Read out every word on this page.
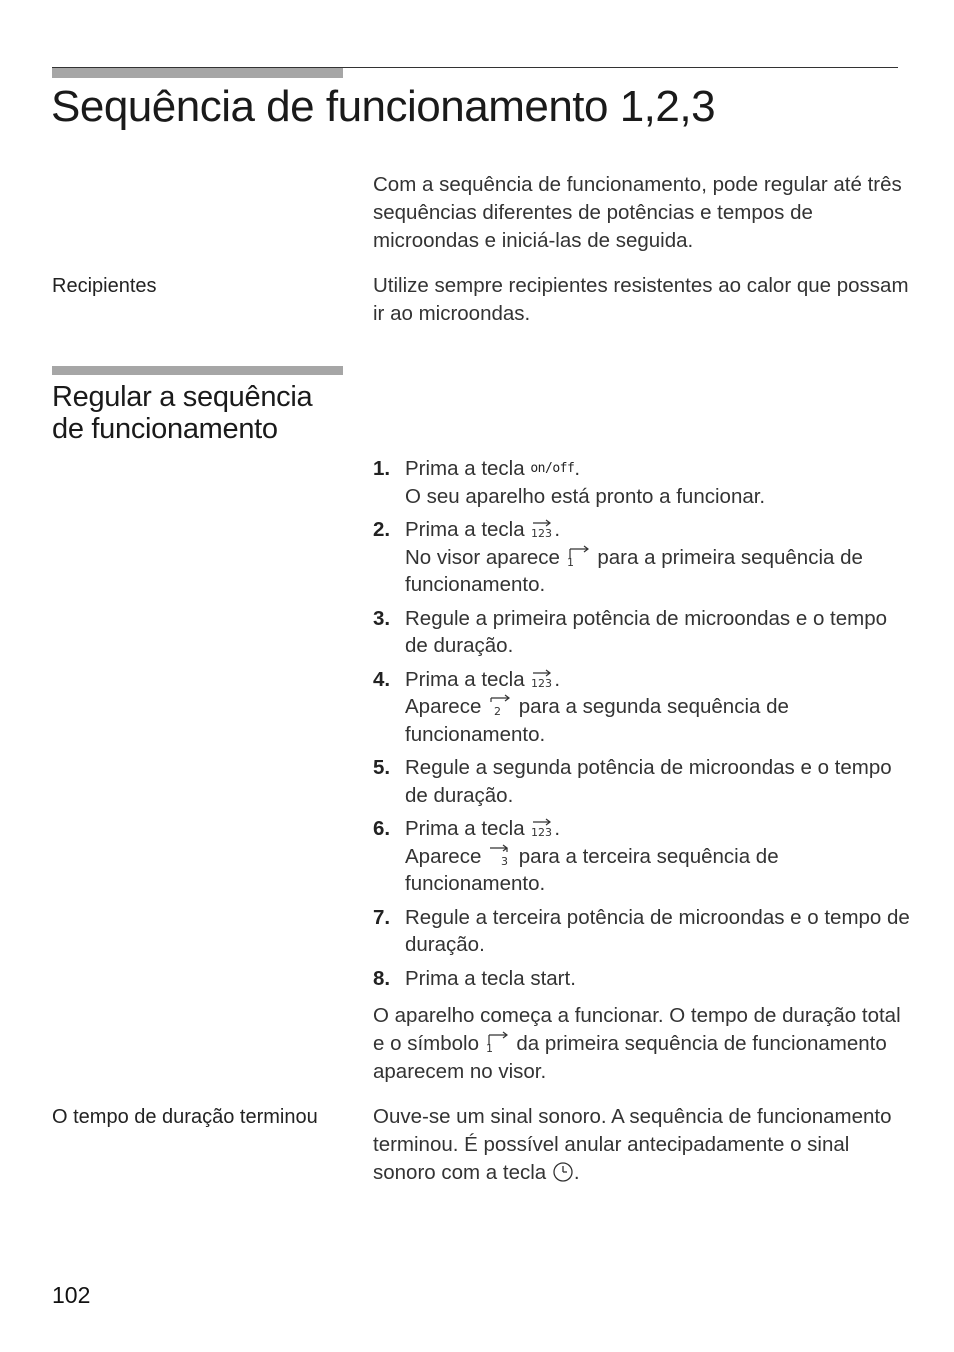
Sequência de funcionamento 1,2,3

Com a sequência de funcionamento, pode regular até três sequências diferentes de potências e tempos de microondas e iniciá-las de seguida.

Recipientes	Utilize sempre recipientes resistentes ao calor que possam ir ao microondas.

Regular a sequência de funcionamento
1. Prima a tecla on/off.
O seu aparelho está pronto a funcionar.
2. Prima a tecla 123 .
No visor aparece 1 para a primeira sequência de funcionamento.
3. Regule a primeira potência de microondas e o tempo de duração.
4. Prima a tecla 123 .
Aparece 2 para a segunda sequência de funcionamento.
5. Regule a segunda potência de microondas e o tempo de duração.
6. Prima a tecla 123 .
Aparece 3 para a terceira sequência de funcionamento.
7. Regule a terceira potência de microondas e o tempo de duração.
8. Prima a tecla start.

O aparelho começa a funcionar. O tempo de duração total e o símbolo 1 da primeira sequência de funcionamento aparecem no visor.

O tempo de duração terminou	Ouve-se um sinal sonoro. A sequência de funcionamento terminou. É possível anular antecipadamente o sinal sonoro com a tecla .

102
